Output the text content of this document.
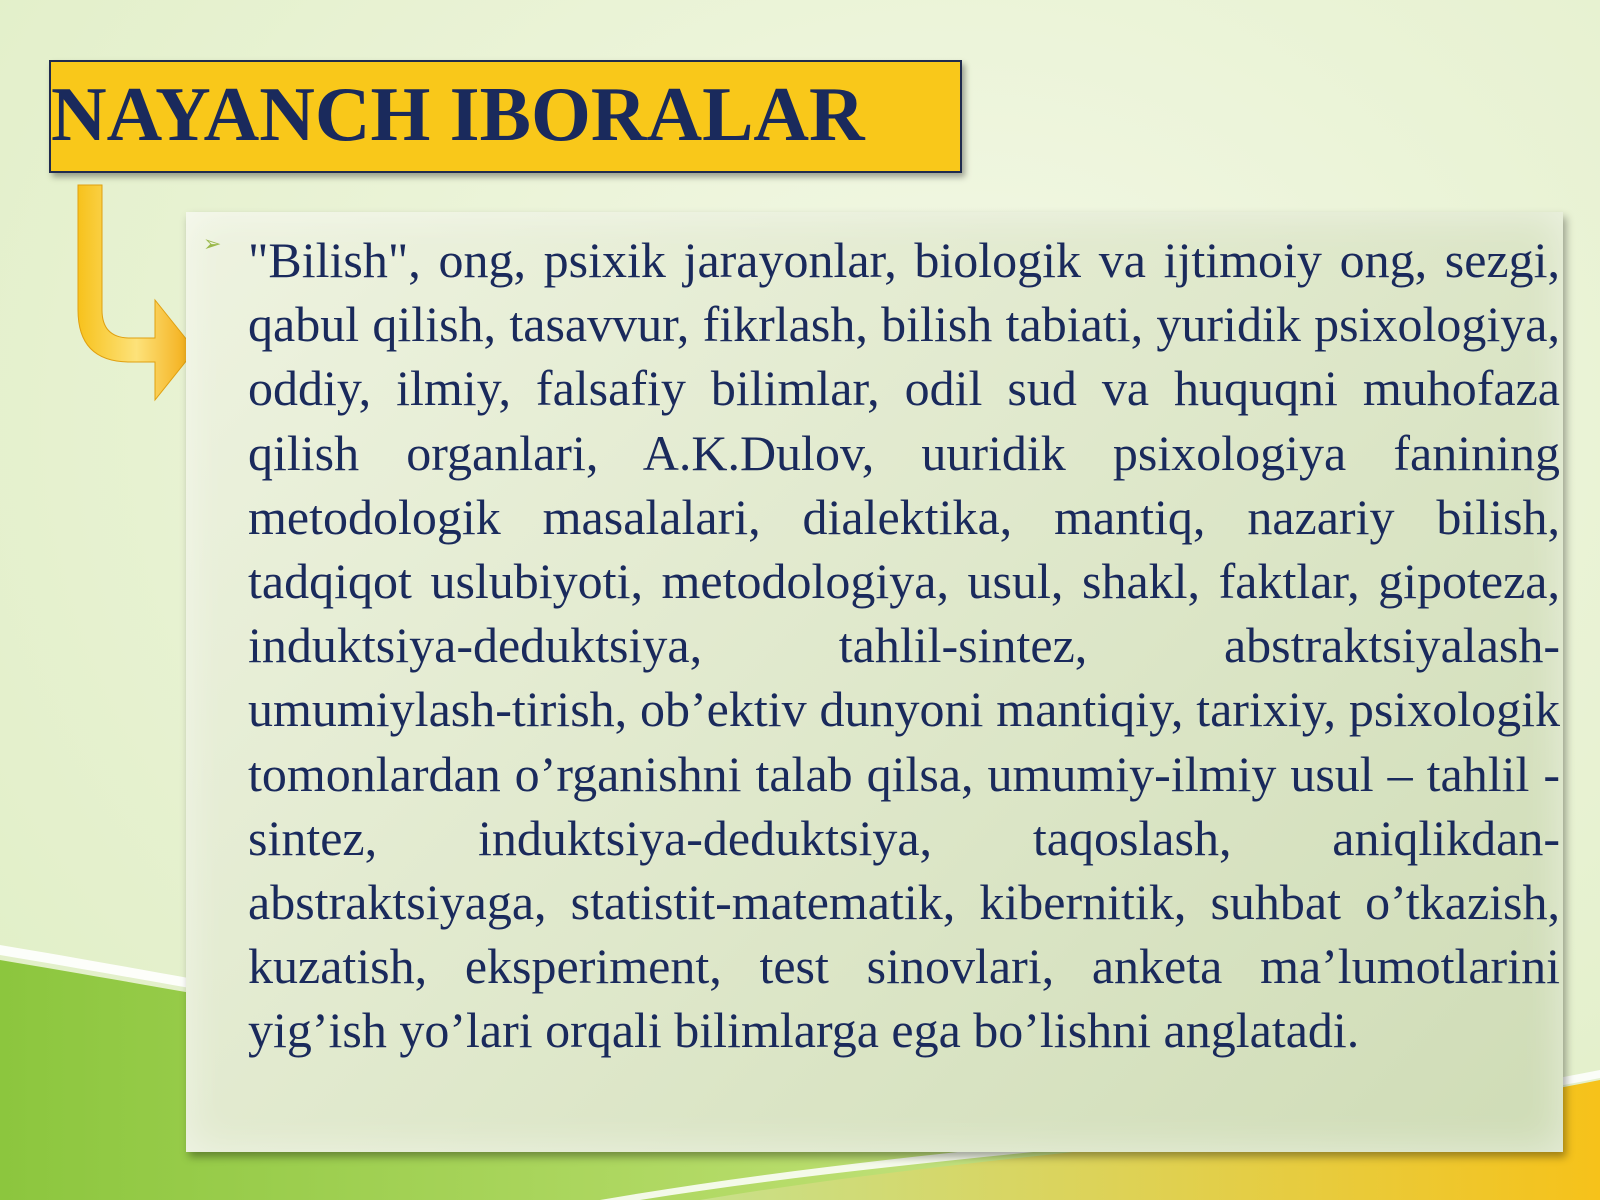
NAYANCH IBORALAR
➢ "Bilish", ong, psixik jarayonlar, biologik va ijtimoiy ong, sezgi, qabul qilish, tasavvur, fikrlash, bilish tabiati, yuridik psixologiya, oddiy, ilmiy, falsafiy bilimlar, odil sud va huquqni muhofaza qilish organlari, A.K.Dulov, uuridik psixologiya fanining metodologik masalalari, dialektika, mantiq, nazariy bilish, tadqiqot uslubiyoti, metodologiya, usul, shakl, faktlar, gipoteza, induktsiya-deduktsiya, tahlil-sintez, abstraktsiyalash-umumiylash-tirish, ob’ektiv dunyoni mantiqiy, tarixiy, psixologik tomonlardan o’rganishni talab qilsa, umumiy-ilmiy usul – tahlil - sintez, induktsiya-deduktsiya, taqoslash, aniqlikdan- abstraktsiyaga, statistit-matematik, kibernitik, suhbat o’tkazish, kuzatish, eksperiment, test sinovlari, anketa ma’lumotlarini yig’ish yo’lari orqali bilimlarga ega bo’lishni anglatadi.
